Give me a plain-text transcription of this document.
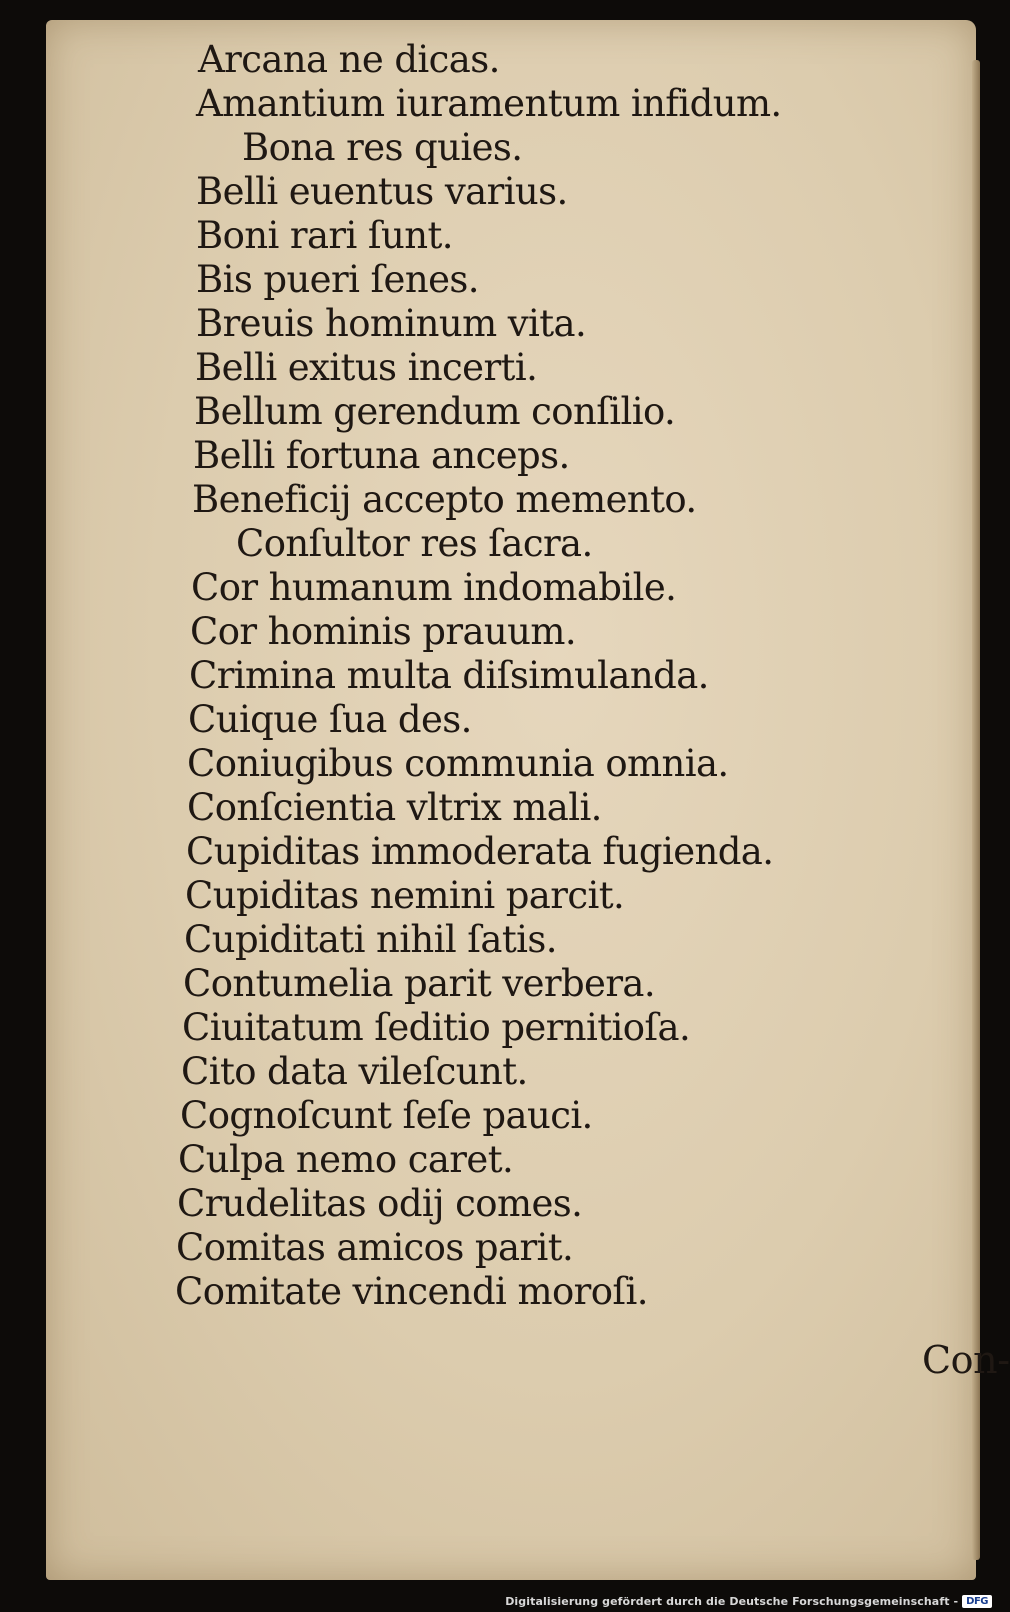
Arcana ne dicas.
Amantium iuramentum infidum.
Bona res quies.
Belli euentus varius.
Boni rari ſunt.
Bis pueri ſenes.
Breuis hominum vita.
Belli exitus incerti.
Bellum gerendum conſilio.
Belli fortuna anceps.
Beneficij accepto memento.
Conſultor res ſacra.
Cor humanum indomabile.
Cor hominis prauum.
Crimina multa diſsimulanda.
Cuique ſua des.
Coniugibus communia omnia.
Conſcientia vltrix mali.
Cupiditas immoderata fugienda.
Cupiditas nemini parcit.
Cupiditati nihil ſatis.
Contumelia parit verbera.
Ciuitatum ſeditio pernitioſa.
Cito data vileſcunt.
Cognoſcunt ſeſe pauci.
Culpa nemo caret.
Crudelitas odij comes.
Comitas amicos parit.
Comitate vincendi moroſi.
Con-
Digitalisierung gefördert durch die Deutsche Forschungsgemeinschaft - DFG
